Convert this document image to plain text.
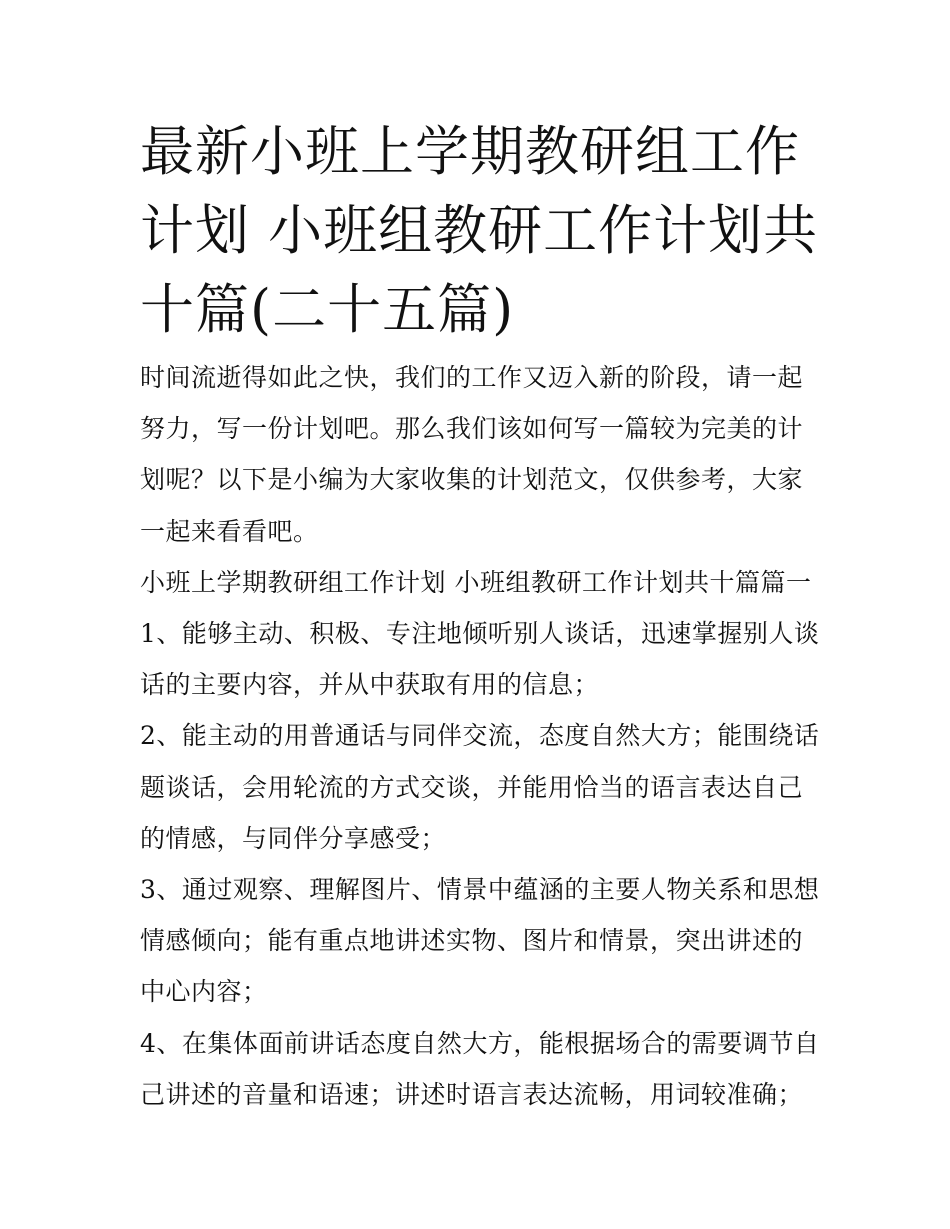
最新小班上学期教研组工作计划 小班组教研工作计划共十篇(二十五篇)

时间流逝得如此之快，我们的工作又迈入新的阶段，请一起努力，写一份计划吧。那么我们该如何写一篇较为完美的计划呢？以下是小编为大家收集的计划范文，仅供参考，大家一起来看看吧。

小班上学期教研组工作计划 小班组教研工作计划共十篇篇一

1、能够主动、积极、专注地倾听别人谈话，迅速掌握别人谈话的主要内容，并从中获取有用的信息；

2、能主动的用普通话与同伴交流，态度自然大方；能围绕话题谈话，会用轮流的方式交谈，并能用恰当的语言表达自己的情感，与同伴分享感受；

3、通过观察、理解图片、情景中蕴涵的主要人物关系和思想情感倾向；能有重点地讲述实物、图片和情景，突出讲述的中心内容；

4、在集体面前讲话态度自然大方，能根据场合的需要调节自己讲述的音量和语速；讲述时语言表达流畅，用词较准确；
